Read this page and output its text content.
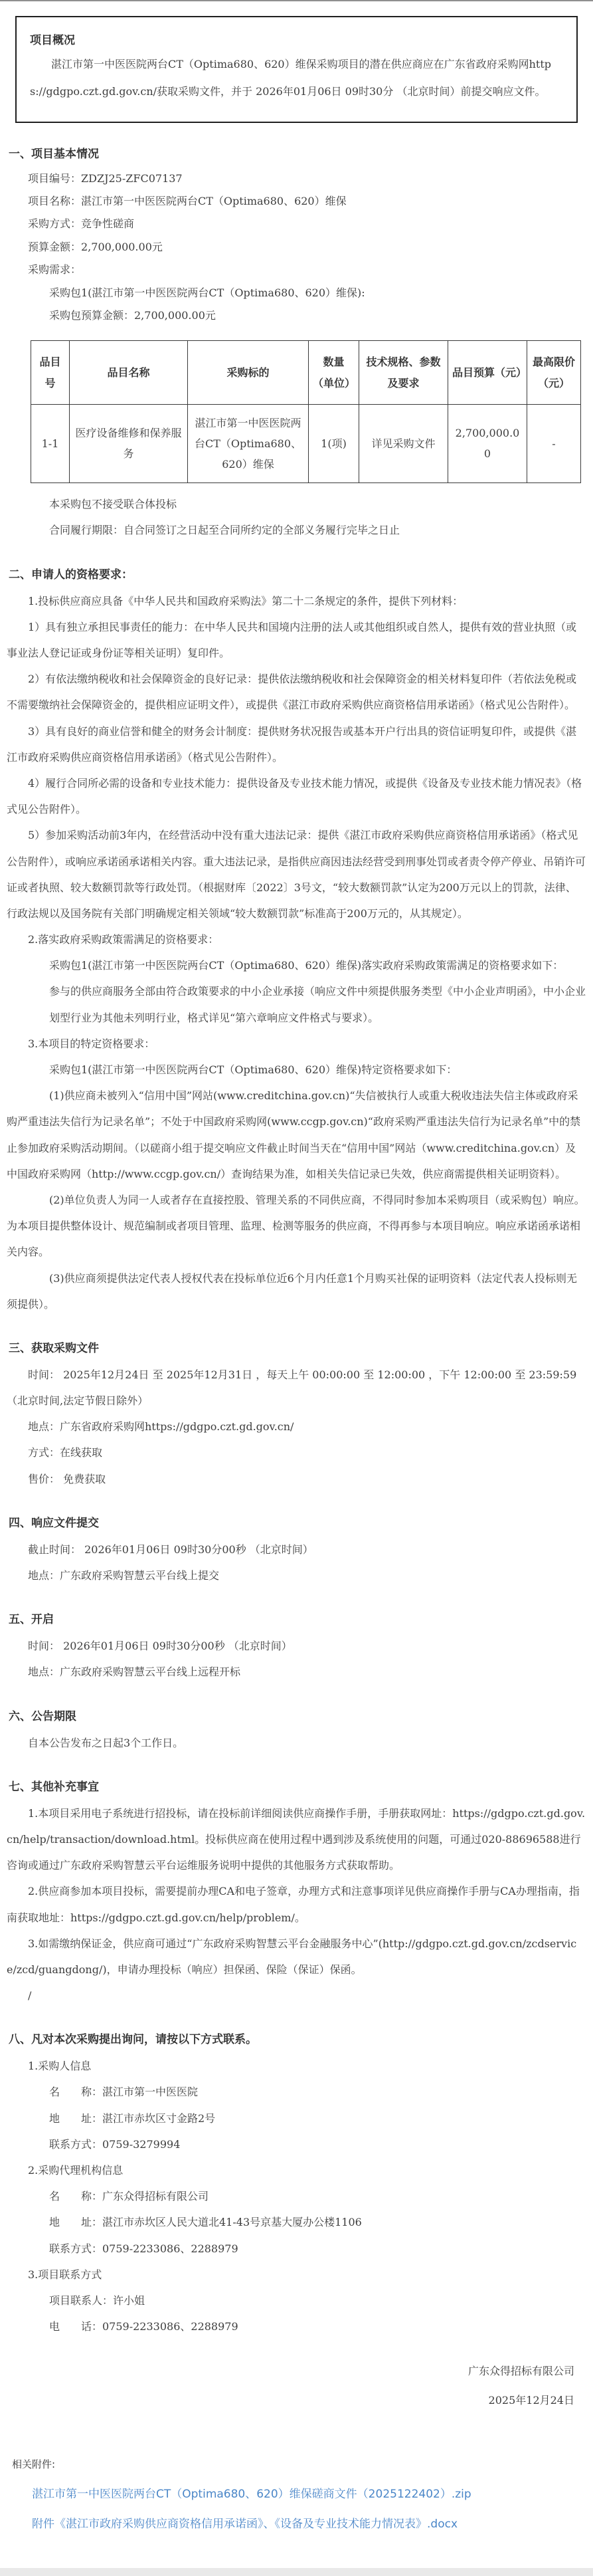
项目概况
湛江市第一中医医院两台CT（Optima680、620）维保采购项目的潜在供应商应在广东省政府采购网https://gdgpo.czt.gd.gov.cn/获取采购文件，并于 2026年01月06日 09时30分 （北京时间）前提交响应文件。
一、项目基本情况
项目编号：ZDZJ25-ZFC07137
项目名称：湛江市第一中医医院两台CT（Optima680、620）维保
采购方式：竞争性磋商
预算金额：2,700,000.00元
采购需求：
采购包1(湛江市第一中医医院两台CT（Optima680、620）维保):
采购包预算金额：2,700,000.00元
品目号	品目名称	采购标的	数量（单位）	技术规格、参数及要求	品目预算（元）	最高限价（元）
1-1	医疗设备维修和保养服务	湛江市第一中医医院两台CT（Optima680、620）维保	1(项)	详见采购文件	2,700,000.00	-
本采购包不接受联合体投标
合同履行期限：自合同签订之日起至合同所约定的全部义务履行完毕之日止
二、申请人的资格要求：
1.投标供应商应具备《中华人民共和国政府采购法》第二十二条规定的条件，提供下列材料：
1）具有独立承担民事责任的能力：在中华人民共和国境内注册的法人或其他组织或自然人，提供有效的营业执照（或事业法人登记证或身份证等相关证明）复印件。
2）有依法缴纳税收和社会保障资金的良好记录：提供依法缴纳税收和社会保障资金的相关材料复印件（若依法免税或不需要缴纳社会保障资金的，提供相应证明文件），或提供《湛江市政府采购供应商资格信用承诺函》（格式见公告附件）。
3）具有良好的商业信誉和健全的财务会计制度：提供财务状况报告或基本开户行出具的资信证明复印件，或提供《湛江市政府采购供应商资格信用承诺函》（格式见公告附件）。
4）履行合同所必需的设备和专业技术能力：提供设备及专业技术能力情况，或提供《设备及专业技术能力情况表》（格式见公告附件）。
5）参加采购活动前3年内，在经营活动中没有重大违法记录：提供《湛江市政府采购供应商资格信用承诺函》（格式见公告附件），或响应承诺函承诺相关内容。重大违法记录，是指供应商因违法经营受到刑事处罚或者责令停产停业、吊销许可证或者执照、较大数额罚款等行政处罚。（根据财库〔2022〕3号文，“较大数额罚款”认定为200万元以上的罚款，法律、行政法规以及国务院有关部门明确规定相关领域“较大数额罚款”标准高于200万元的，从其规定）。
2.落实政府采购政策需满足的资格要求：
采购包1(湛江市第一中医医院两台CT（Optima680、620）维保)落实政府采购政策需满足的资格要求如下：
参与的供应商服务全部由符合政策要求的中小企业承接（响应文件中须提供服务类型《中小企业声明函》，中小企业划型行业为其他未列明行业，格式详见“第六章响应文件格式与要求）。
3.本项目的特定资格要求：
采购包1(湛江市第一中医医院两台CT（Optima680、620）维保)特定资格要求如下：
(1)供应商未被列入“信用中国”网站(www.creditchina.gov.cn)“失信被执行人或重大税收违法失信主体或政府采购严重违法失信行为记录名单”；不处于中国政府采购网(www.ccgp.gov.cn)“政府采购严重违法失信行为记录名单”中的禁止参加政府采购活动期间。（以磋商小组于提交响应文件截止时间当天在“信用中国”网站（www.creditchina.gov.cn）及中国政府采购网（http://www.ccgp.gov.cn/）查询结果为准，如相关失信记录已失效，供应商需提供相关证明资料）。
(2)单位负责人为同一人或者存在直接控股、管理关系的不同供应商，不得同时参加本采购项目（或采购包）响应。为本项目提供整体设计、规范编制或者项目管理、监理、检测等服务的供应商，不得再参与本项目响应。响应承诺函承诺相关内容。
(3)供应商须提供法定代表人授权代表在投标单位近6个月内任意1个月购买社保的证明资料（法定代表人投标则无须提供）。
三、获取采购文件
时间： 2025年12月24日 至 2025年12月31日 ，每天上午 00:00:00 至 12:00:00 ，下午 12:00:00 至 23:59:59（北京时间,法定节假日除外）
地点：广东省政府采购网https://gdgpo.czt.gd.gov.cn/
方式：在线获取
售价： 免费获取
四、响应文件提交
截止时间： 2026年01月06日 09时30分00秒 （北京时间）
地点：广东政府采购智慧云平台线上提交
五、开启
时间： 2026年01月06日 09时30分00秒 （北京时间）
地点：广东政府采购智慧云平台线上远程开标
六、公告期限
自本公告发布之日起3个工作日。
七、其他补充事宜
1.本项目采用电子系统进行招投标，请在投标前详细阅读供应商操作手册，手册获取网址：https://gdgpo.czt.gd.gov.cn/help/transaction/download.html。投标供应商在使用过程中遇到涉及系统使用的问题，可通过020-88696588进行咨询或通过广东政府采购智慧云平台运维服务说明中提供的其他服务方式获取帮助。
2.供应商参加本项目投标，需要提前办理CA和电子签章，办理方式和注意事项详见供应商操作手册与CA办理指南，指南获取地址：https://gdgpo.czt.gd.gov.cn/help/problem/。
3.如需缴纳保证金，供应商可通过“广东政府采购智慧云平台金融服务中心”(http://gdgpo.czt.gd.gov.cn/zcdservice/zcd/guangdong/)，申请办理投标（响应）担保函、保险（保证）保函。
/
八、凡对本次采购提出询问，请按以下方式联系。
1.采购人信息
名　　称：湛江市第一中医医院
地　　址：湛江市赤坎区寸金路2号
联系方式：0759-3279994
2.采购代理机构信息
名　　称：广东众得招标有限公司
地　　址：湛江市赤坎区人民大道北41-43号京基大厦办公楼1106
联系方式：0759-2233086、2288979
3.项目联系方式
项目联系人：许小姐
电　　话：0759-2233086、2288979
广东众得招标有限公司
2025年12月24日
相关附件:
湛江市第一中医医院两台CT（Optima680、620）维保磋商文件（2025122402）.zip
附件《湛江市政府采购供应商资格信用承诺函》、《设备及专业技术能力情况表》.docx
